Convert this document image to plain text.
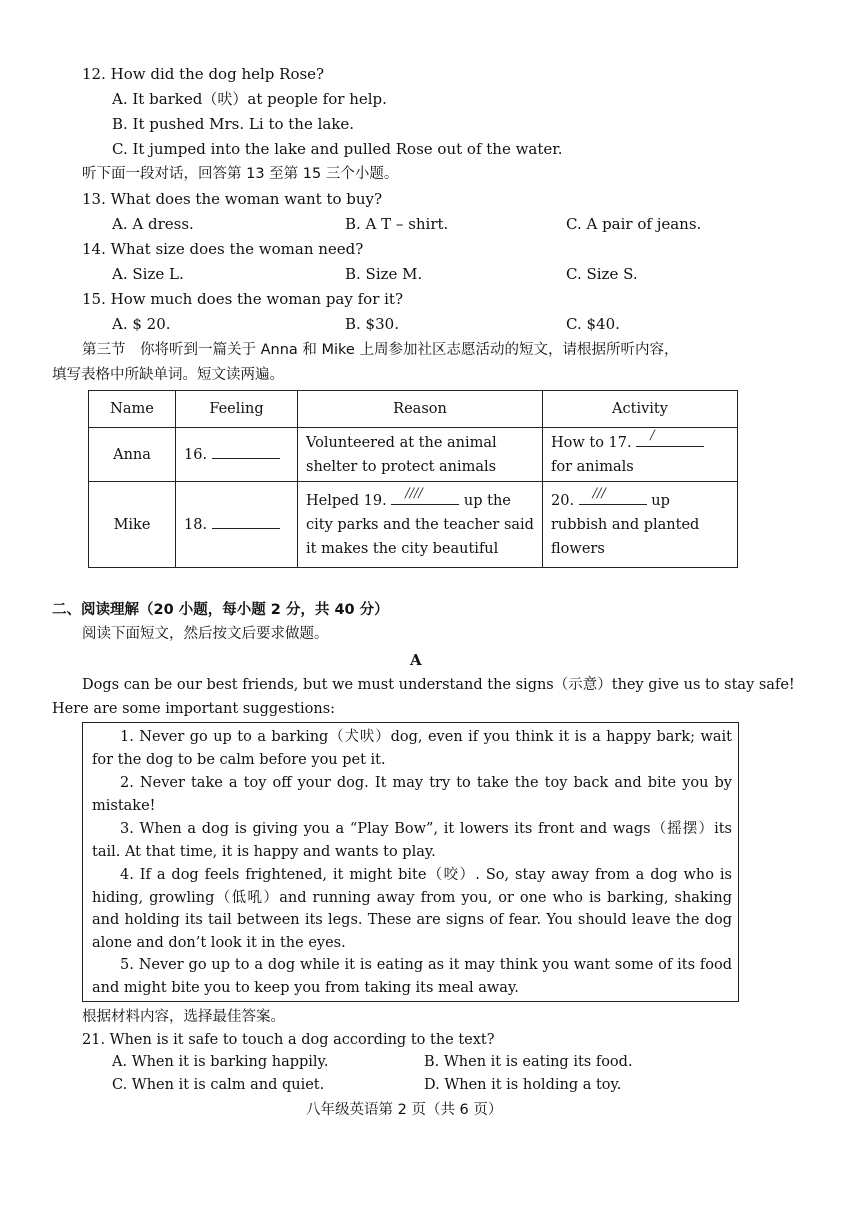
12. How did the dog help Rose?
A. It barked（吠）at people for help.
B. It pushed Mrs. Li to the lake.
C. It jumped into the lake and pulled Rose out of the water.
听下面一段对话，回答第 13 至第 15 三个小题。
13. What does the woman want to buy?
A. A dress.	B. A T – shirt.	C. A pair of jeans.
14. What size does the woman need?
A. Size L.	B. Size M.	C. Size S.
15. How much does the woman pay for it?
A. $ 20.	B. $30.	C. $40.
第三节　你将听到一篇关于 Anna 和 Mike 上周参加社区志愿活动的短文，请根据所听内容，
填写表格中所缺单词。短文读两遍。
Name	Feeling	Reason	Activity
Anna	16.	Volunteered at the animal shelter to protect animals	How to 17. / for animals
Mike	18.	Helped 19. //// up the city parks and the teacher said it makes the city beautiful	20. /// up rubbish and planted flowers
二、阅读理解（20 小题，每小题 2 分，共 40 分）
阅读下面短文，然后按文后要求做题。
A
Dogs can be our best friends, but we must understand the signs（示意）they give us to stay safe!
Here are some important suggestions:
1. Never go up to a barking（犬吠）dog, even if you think it is a happy bark; wait for the dog to be calm before you pet it.
2. Never take a toy off your dog. It may try to take the toy back and bite you by mistake!
3. When a dog is giving you a “Play Bow”, it lowers its front and wags（摇摆）its tail. At that time, it is happy and wants to play.
4. If a dog feels frightened, it might bite（咬）. So, stay away from a dog who is hiding, growling（低吼）and running away from you, or one who is barking, shaking and holding its tail between its legs. These are signs of fear. You should leave the dog alone and don’t look it in the eyes.
5. Never go up to a dog while it is eating as it may think you want some of its food and might bite you to keep you from taking its meal away.
根据材料内容，选择最佳答案。
21. When is it safe to touch a dog according to the text?
A. When it is barking happily.	B. When it is eating its food.
C. When it is calm and quiet.	D. When it is holding a toy.
八年级英语第 2 页（共 6 页）
